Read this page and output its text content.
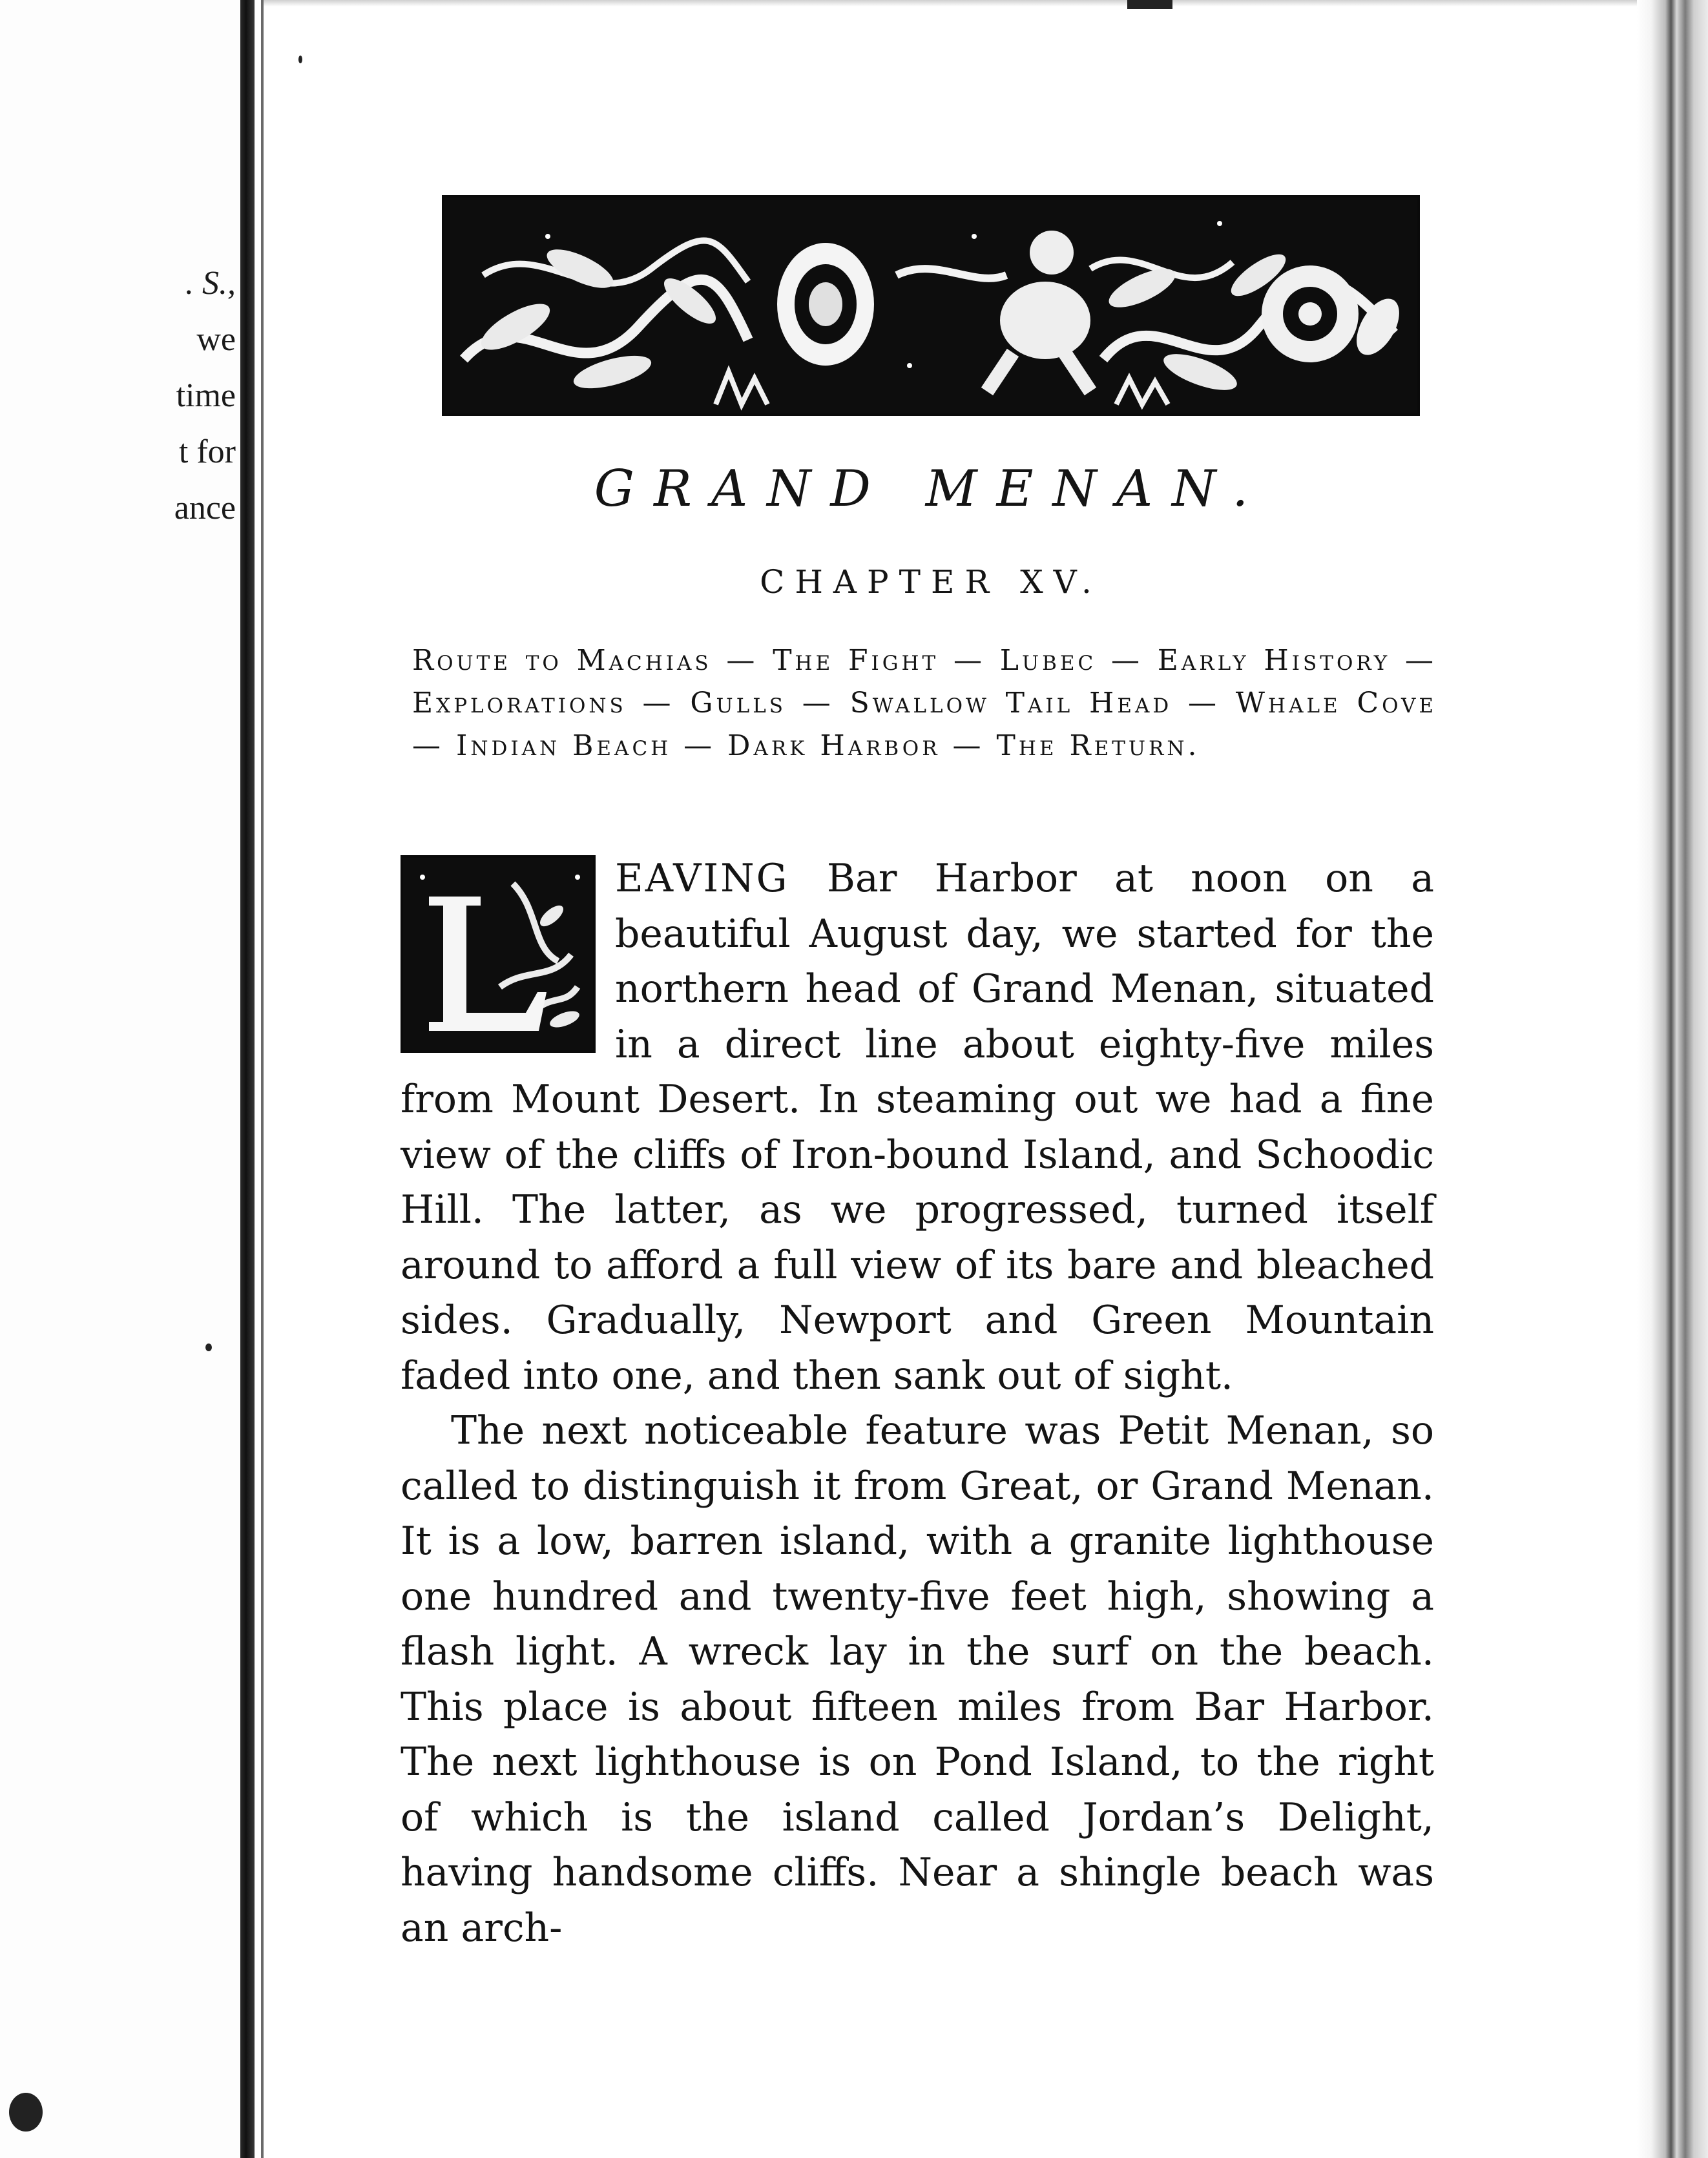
. S.,
we
time
t for
ance	GRAND MENAN.
CHAPTER XV.
Route to Machias — The Fight — Lubec — Early History — Explorations — Gulls — Swallow Tail Head — Whale Cove — Indian Beach — Dark Harbor — The Return.

EAVING Bar Harbor at noon on a beautiful August day, we started for the northern head of Grand Menan, situated in a direct line about eighty-five miles from Mount Desert. In steaming out we had a fine view of the cliffs of Iron-bound Island, and Schoodic Hill. The latter, as we progressed, turned itself around to afford a full view of its bare and bleached sides. Gradually, Newport and Green Mountain faded into one, and then sank out of sight.

The next noticeable feature was Petit Menan, so called to distinguish it from Great, or Grand Menan. It is a low, barren island, with a granite lighthouse one hundred and twenty-five feet high, showing a flash light. A wreck lay in the surf on the beach. This place is about fifteen miles from Bar Harbor. The next lighthouse is on Pond Island, to the right of which is the island called Jordan’s Delight, having handsome cliffs. Near a shingle beach was an arch-
